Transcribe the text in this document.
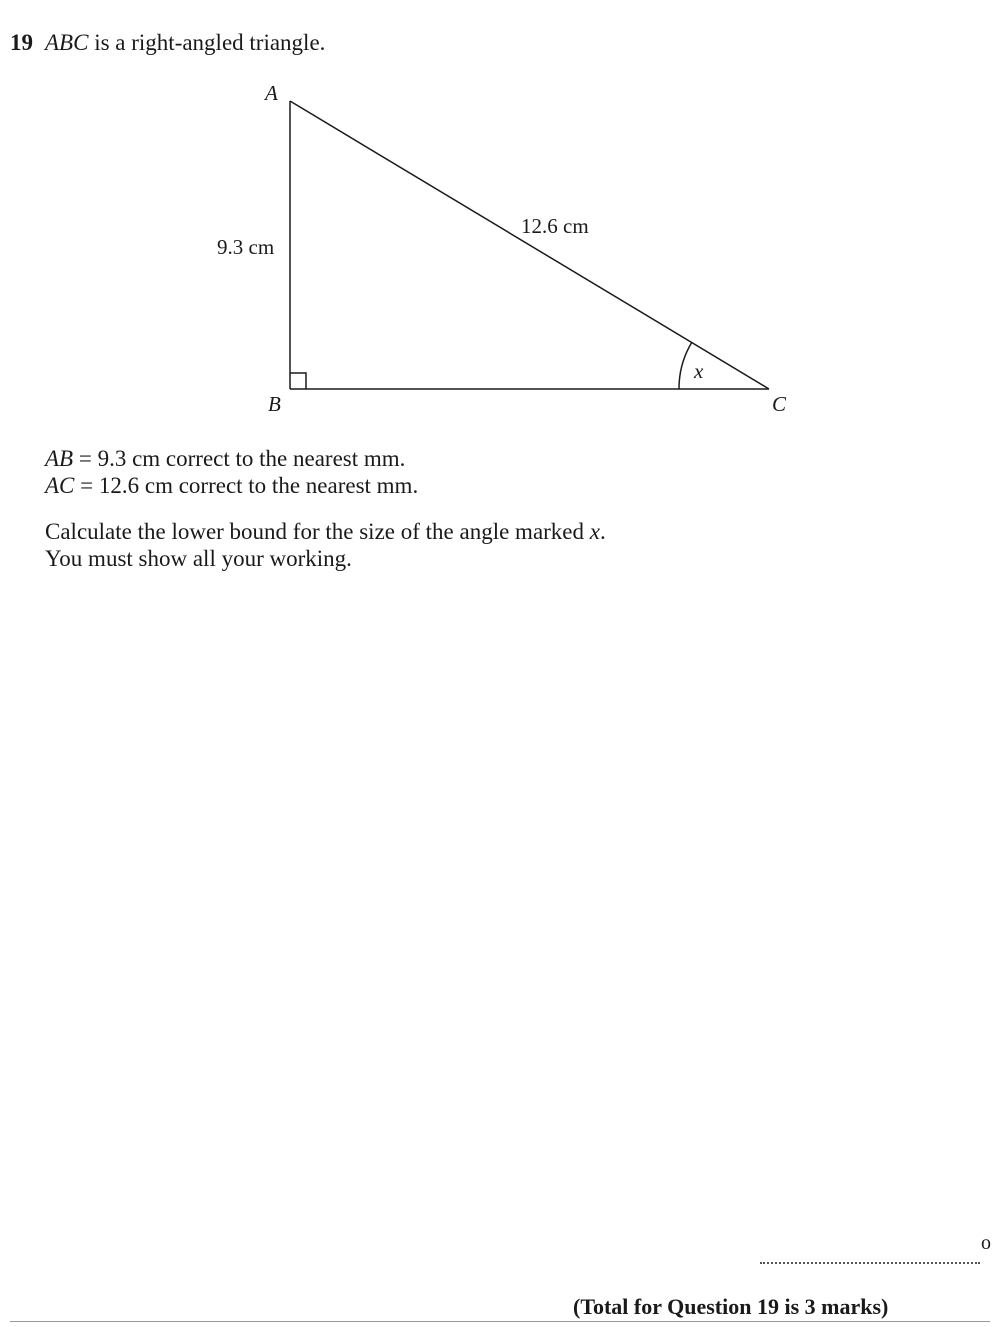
19 ABC is a right-angled triangle.
A
B	C
9.3 cm
12.6 cm
x
AB = 9.3 cm correct to the nearest mm.
AC = 12.6 cm correct to the nearest mm.
Calculate the lower bound for the size of the angle marked x.
You must show all your working.
o
(Total for Question 19 is 3 marks)
